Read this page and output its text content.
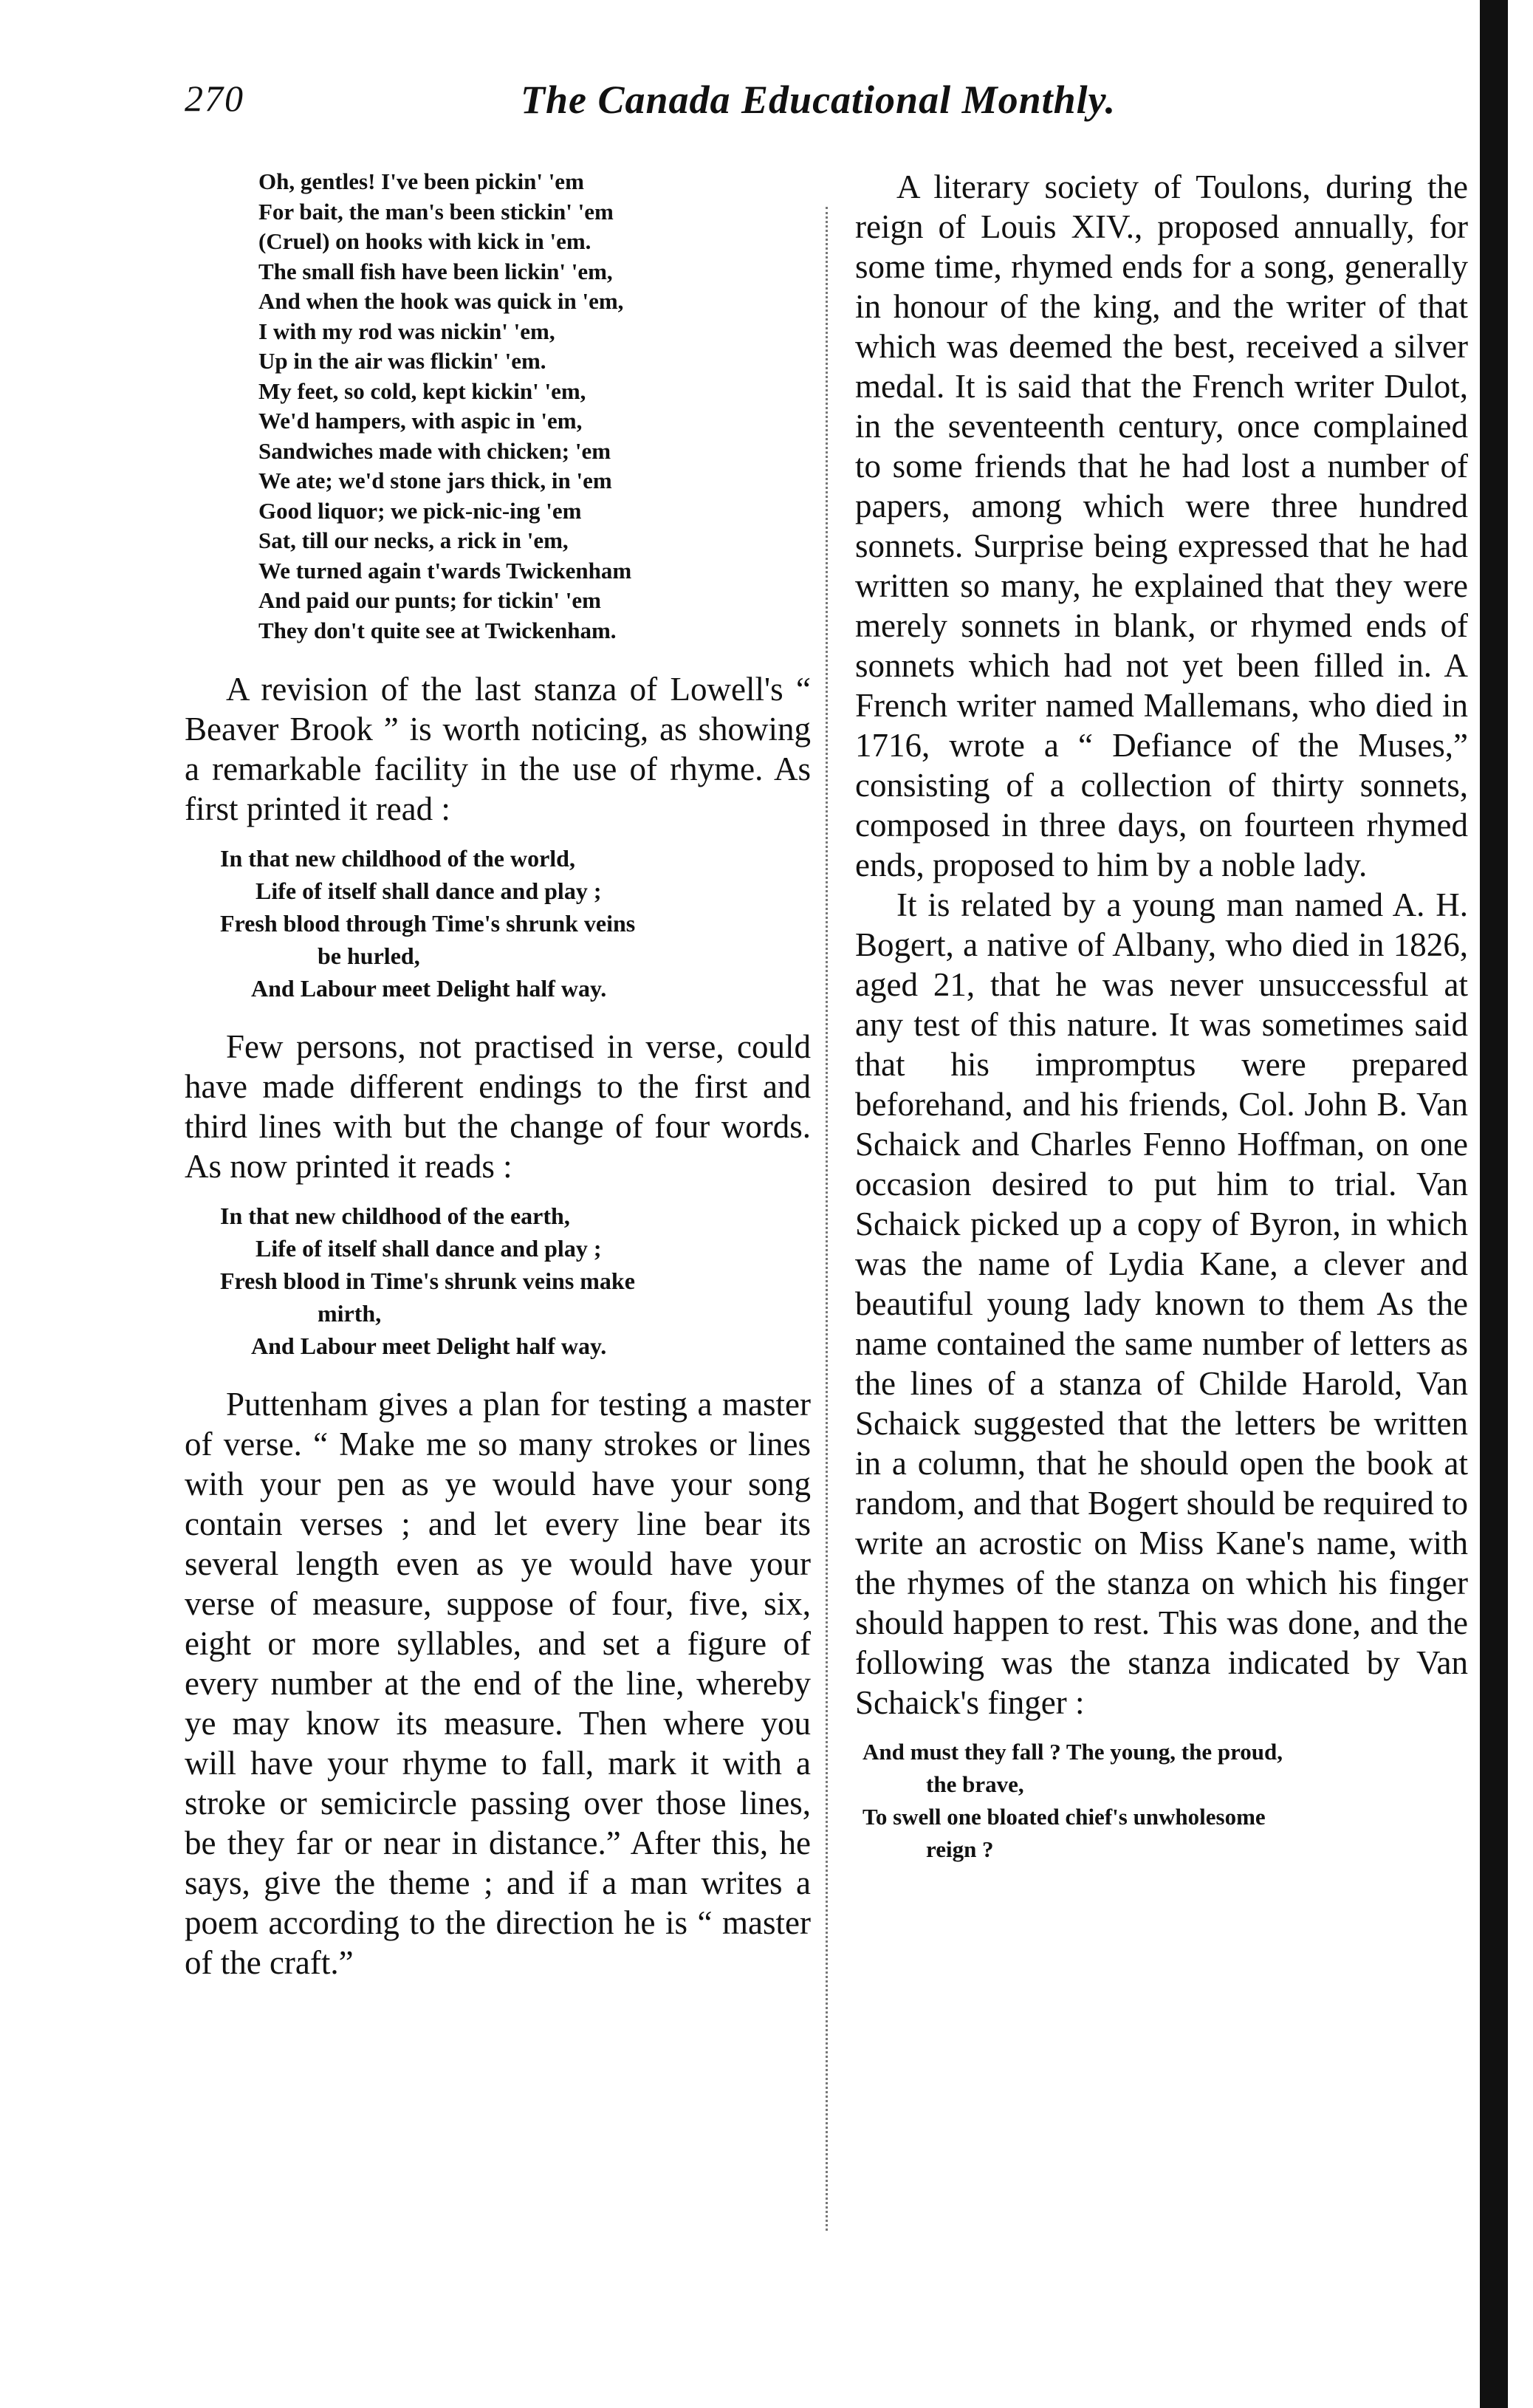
270	The Canada Educational Monthly.
Oh, gentles! I've been pickin' 'em
For bait, the man's been stickin' 'em
(Cruel) on hooks with kick in 'em.
The small fish have been lickin' 'em,
And when the hook was quick in 'em,
I with my rod was nickin' 'em,
Up in the air was flickin' 'em.
My feet, so cold, kept kickin' 'em,
We'd hampers, with aspic in 'em,
Sandwiches made with chicken; 'em
We ate; we'd stone jars thick, in 'em
Good liquor; we pick-nic-ing 'em
Sat, till our necks, a rick in 'em,
We turned again t'wards Twickenham
And paid our punts; for tickin' 'em
They don't quite see at Twickenham.

A revision of the last stanza of Lowell's “ Beaver Brook ” is worth noticing, as showing a remarkable facility in the use of rhyme. As first printed it read :

In that new childhood of the world,
Life of itself shall dance and play ;
Fresh blood through Time's shrunk veins
be hurled,
And Labour meet Delight half way.

Few persons, not practised in verse, could have made different endings to the first and third lines with but the change of four words. As now printed it reads :

In that new childhood of the earth,
Life of itself shall dance and play ;
Fresh blood in Time's shrunk veins make
mirth,
And Labour meet Delight half way.

Puttenham gives a plan for testing a master of verse. “ Make me so many strokes or lines with your pen as ye would have your song contain verses ; and let every line bear its several length even as ye would have your verse of measure, suppose of four, five, six, eight or more syllables, and set a figure of every number at the end of the line, whereby ye may know its measure. Then where you will have your rhyme to fall, mark it with a stroke or semicircle passing over those lines, be they far or near in distance.” After this, he says, give the theme ; and if a man writes a poem according to the direction he is “ master of the craft.”

A literary society of Toulons, during the reign of Louis XIV., proposed annually, for some time, rhymed ends for a song, generally in honour of the king, and the writer of that which was deemed the best, received a silver medal. It is said that the French writer Dulot, in the seventeenth century, once complained to some friends that he had lost a number of papers, among which were three hundred sonnets. Surprise being expressed that he had written so many, he explained that they were merely sonnets in blank, or rhymed ends of sonnets which had not yet been filled in. A French writer named Mallemans, who died in 1716, wrote a “ Defiance of the Muses,” consisting of a collection of thirty sonnets, composed in three days, on fourteen rhymed ends, proposed to him by a noble lady.

It is related by a young man named A. H. Bogert, a native of Albany, who died in 1826, aged 21, that he was never unsuccessful at any test of this nature. It was sometimes said that his impromptus were prepared beforehand, and his friends, Col. John B. Van Schaick and Charles Fenno Hoffman, on one occasion desired to put him to trial. Van Schaick picked up a copy of Byron, in which was the name of Lydia Kane, a clever and beautiful young lady known to them As the name contained the same number of letters as the lines of a stanza of Childe Harold, Van Schaick suggested that the letters be written in a column, that he should open the book at random, and that Bogert should be required to write an acrostic on Miss Kane's name, with the rhymes of the stanza on which his finger should happen to rest. This was done, and the following was the stanza indicated by Van Schaick's finger :

And must they fall ? The young, the proud,
the brave,
To swell one bloated chief's unwholesome
reign ?
